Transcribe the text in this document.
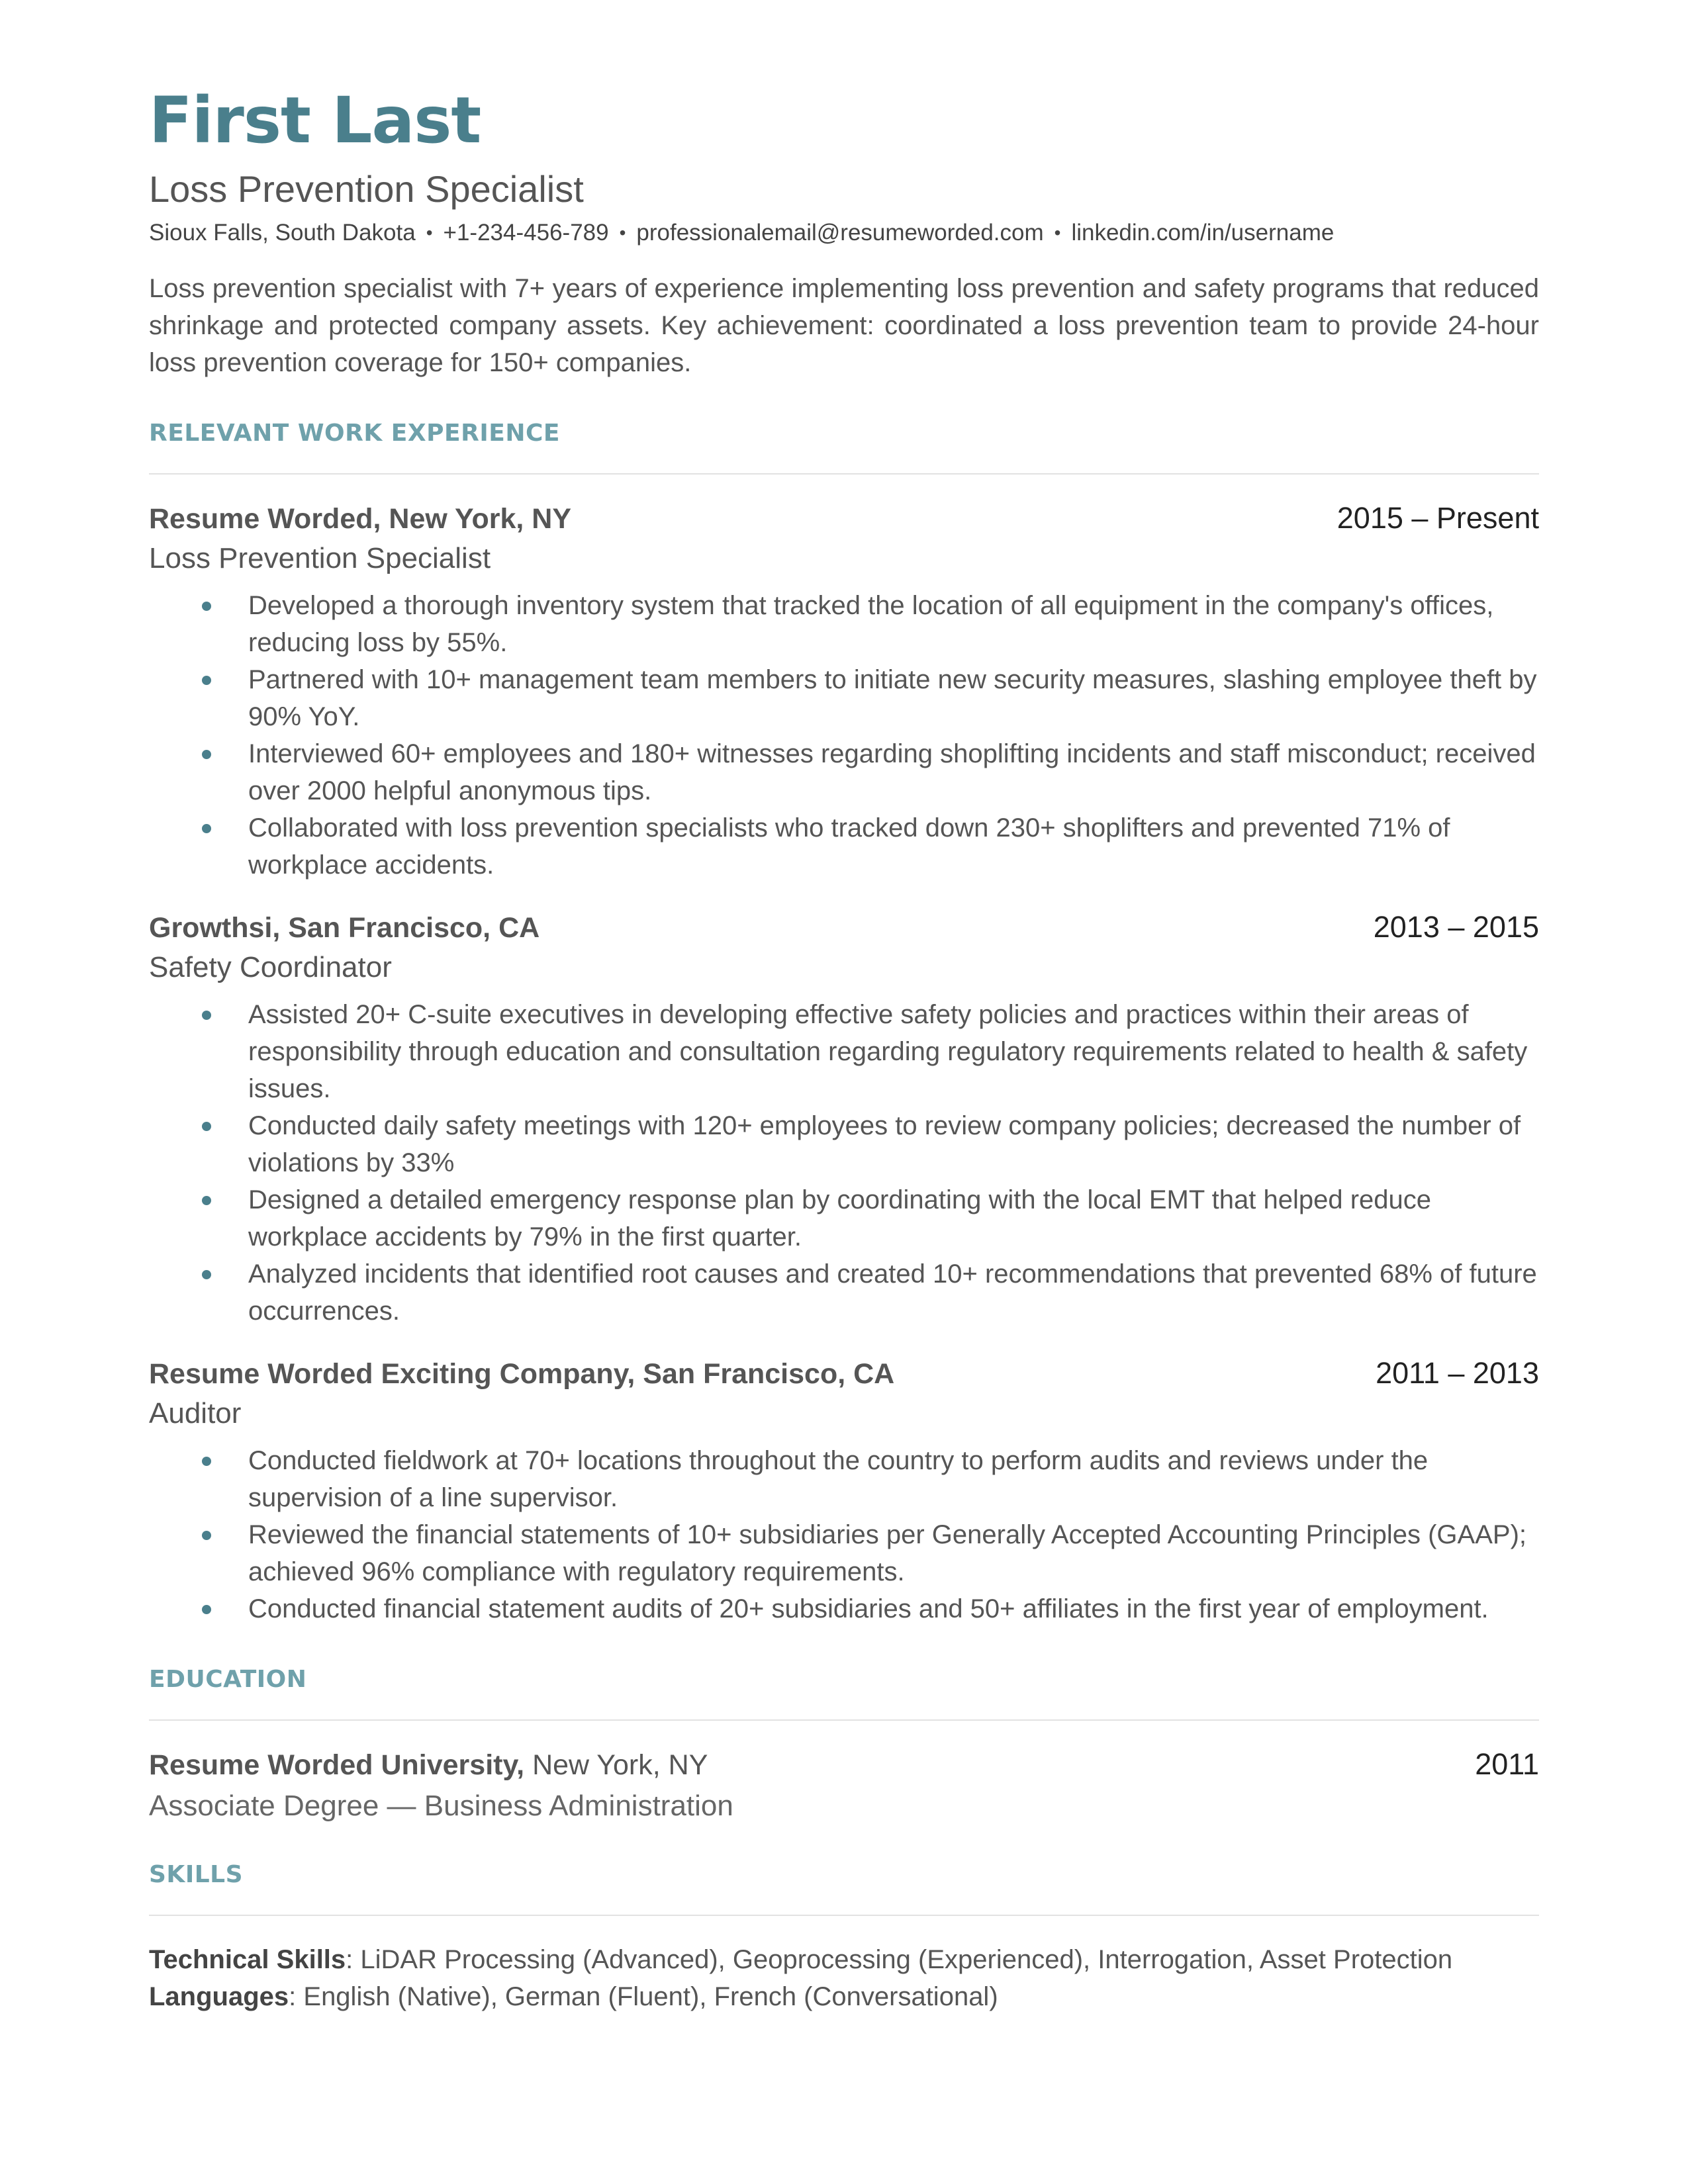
First Last
Loss Prevention Specialist
Sioux Falls, South Dakota • +1-234-456-789 • professionalemail@resumeworded.com • linkedin.com/in/username
Loss prevention specialist with 7+ years of experience implementing loss prevention and safety programs that reduced shrinkage and protected company assets. Key achievement: coordinated a loss prevention team to provide 24-hour loss prevention coverage for 150+ companies.
RELEVANT WORK EXPERIENCE
Resume Worded, New York, NY	2015 – Present
Loss Prevention Specialist
Developed a thorough inventory system that tracked the location of all equipment in the company's offices, reducing loss by 55%.
Partnered with 10+ management team members to initiate new security measures, slashing employee theft by 90% YoY.
Interviewed 60+ employees and 180+ witnesses regarding shoplifting incidents and staff misconduct; received over 2000 helpful anonymous tips.
Collaborated with loss prevention specialists who tracked down 230+ shoplifters and prevented 71% of workplace accidents.
Growthsi, San Francisco, CA	2013 – 2015
Safety Coordinator
Assisted 20+ C-suite executives in developing effective safety policies and practices within their areas of responsibility through education and consultation regarding regulatory requirements related to health & safety issues.
Conducted daily safety meetings with 120+ employees to review company policies; decreased the number of violations by 33%
Designed a detailed emergency response plan by coordinating with the local EMT that helped reduce workplace accidents by 79% in the first quarter.
Analyzed incidents that identified root causes and created 10+ recommendations that prevented 68% of future occurrences.
Resume Worded Exciting Company, San Francisco, CA	2011 – 2013
Auditor
Conducted fieldwork at 70+ locations throughout the country to perform audits and reviews under the supervision of a line supervisor.
Reviewed the financial statements of 10+ subsidiaries per Generally Accepted Accounting Principles (GAAP); achieved 96% compliance with regulatory requirements.
Conducted financial statement audits of 20+ subsidiaries and 50+ affiliates in the first year of employment.
EDUCATION
Resume Worded University, New York, NY	2011
Associate Degree — Business Administration
SKILLS
Technical Skills: LiDAR Processing (Advanced), Geoprocessing (Experienced), Interrogation, Asset Protection
Languages: English (Native), German (Fluent), French (Conversational)
